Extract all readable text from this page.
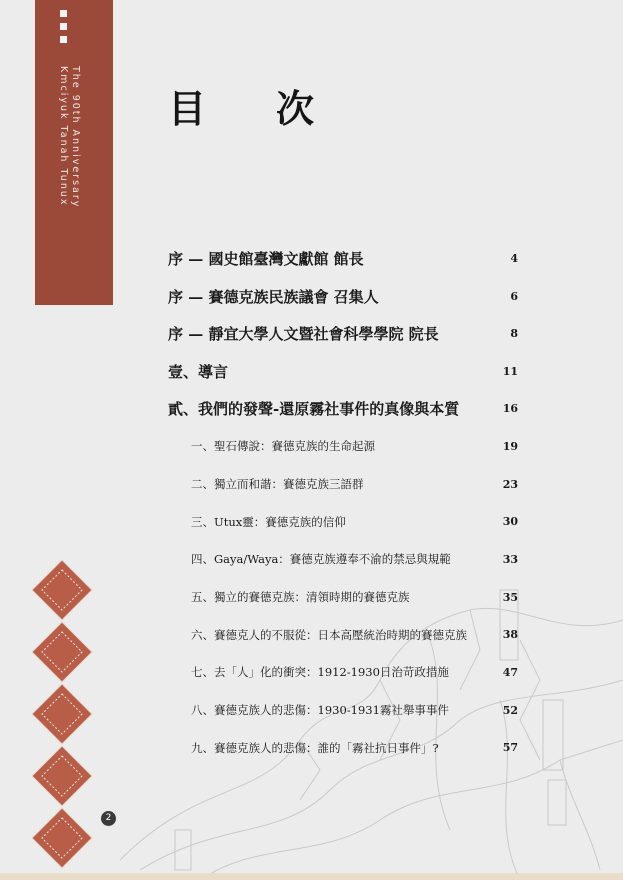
The 90th Anniversary
Kmciyuk Tanah Tunux	目次
序 — 國史館臺灣文獻館 館長	4
序 — 賽德克族民族議會 召集人	6
序 — 靜宜大學人文暨社會科學學院 院長	8
壹、導言	11
貳、我們的發聲-還原霧社事件的真像與本質	16
一、聖石傳說：賽德克族的生命起源	19
二、獨立而和諧：賽德克族三語群	23
三、Utux靈：賽德克族的信仰	30
四、Gaya/Waya：賽德克族遵奉不渝的禁忌與規範	33
五、獨立的賽德克族：清領時期的賽德克族	35
六、賽德克人的不服從：日本高壓統治時期的賽德克族	38
七、去「人」化的衝突：1912-1930日治苛政措施	47
八、賽德克族人的悲傷：1930-1931霧社舉事事件	52
九、賽德克族人的悲傷：誰的「霧社抗日事件」?	57
2
